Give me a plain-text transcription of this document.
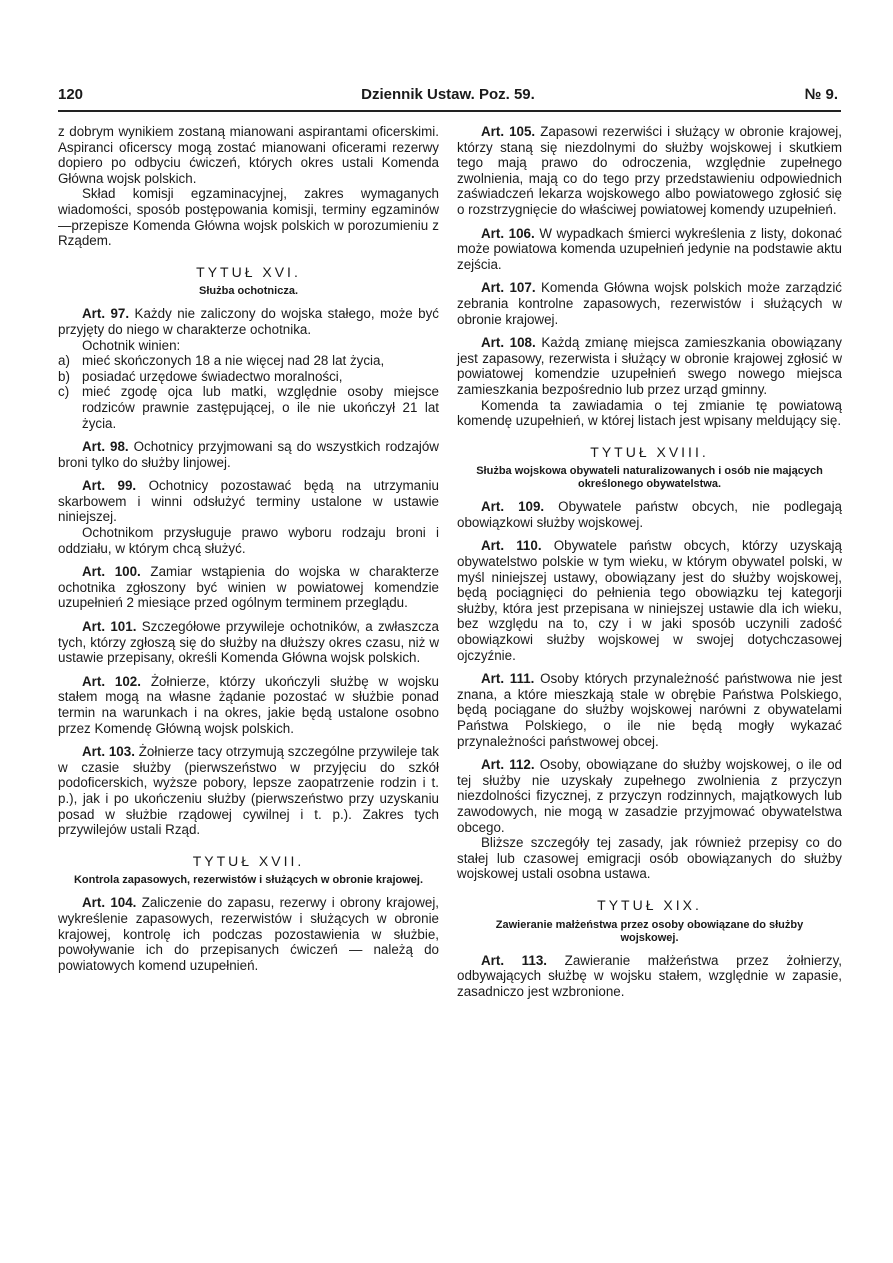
120	Dziennik Ustaw. Poz. 59.	№ 9.

z dobrym wynikiem zostaną mianowani aspirantami oficerskimi. Aspiranci oficerscy mogą zostać mianowani oficerami rezerwy dopiero po odbyciu ćwiczeń, których okres ustali Komenda Główna wojsk polskich.

Skład komisji egzaminacyjnej, zakres wymaganych wiadomości, sposób postępowania komisji, terminy egzaminów—przepisze Komenda Główna wojsk polskich w porozumieniu z Rządem.

TYTUŁ XVI.
Służba ochotnicza.

Art. 97. Każdy nie zaliczony do wojska stałego, może być przyjęty do niego w charakterze ochotnika.

Ochotnik winien:

a) mieć skończonych 18 a nie więcej nad 28 lat życia,
b) posiadać urzędowe świadectwo moralności,
c) mieć zgodę ojca lub matki, względnie osoby miejsce rodziców prawnie zastępującej, o ile nie ukończył 21 lat życia.

Art. 98. Ochotnicy przyjmowani są do wszystkich rodzajów broni tylko do służby linjowej.

Art. 99. Ochotnicy pozostawać będą na utrzymaniu skarbowem i winni odsłużyć terminy ustalone w ustawie niniejszej.

Ochotnikom przysługuje prawo wyboru rodzaju broni i oddziału, w którym chcą służyć.

Art. 100. Zamiar wstąpienia do wojska w charakterze ochotnika zgłoszony być winien w powiatowej komendzie uzupełnień 2 miesiące przed ogólnym terminem przeglądu.

Art. 101. Szczegółowe przywileje ochotników, a zwłaszcza tych, którzy zgłoszą się do służby na dłuższy okres czasu, niż w ustawie przepisany, określi Komenda Główna wojsk polskich.

Art. 102. Żołnierze, którzy ukończyli służbę w wojsku stałem mogą na własne żądanie pozostać w służbie ponad termin na warunkach i na okres, jakie będą ustalone osobno przez Komendę Główną wojsk polskich.

Art. 103. Żołnierze tacy otrzymują szczególne przywileje tak w czasie służby (pierwszeństwo w przyjęciu do szkół podoficerskich, wyższe pobory, lepsze zaopatrzenie rodzin i t. p.), jak i po ukończeniu służby (pierwszeństwo przy uzyskaniu posad w służbie rządowej cywilnej i t. p.). Zakres tych przywilejów ustali Rząd.

TYTUŁ XVII.
Kontrola zapasowych, rezerwistów i służących w obronie krajowej.

Art. 104. Zaliczenie do zapasu, rezerwy i obrony krajowej, wykreślenie zapasowych, rezerwistów i służących w obronie krajowej, kontrolę ich podczas pozostawienia w służbie, powoływanie ich do przepisanych ćwiczeń — należą do powiatowych komend uzupełnień.

Art. 105. Zapasowi rezerwiści i służący w obronie krajowej, którzy staną się niezdolnymi do służby wojskowej i skutkiem tego mają prawo do odroczenia, względnie zupełnego zwolnienia, mają co do tego przy przedstawieniu odpowiednich zaświadczeń lekarza wojskowego albo powiatowego zgłosić się o rozstrzygnięcie do właściwej powiatowej komendy uzupełnień.

Art. 106. W wypadkach śmierci wykreślenia z listy, dokonać może powiatowa komenda uzupełnień jedynie na podstawie aktu zejścia.

Art. 107. Komenda Główna wojsk polskich może zarządzić zebrania kontrolne zapasowych, rezerwistów i służących w obronie krajowej.

Art. 108. Każdą zmianę miejsca zamieszkania obowiązany jest zapasowy, rezerwista i służący w obronie krajowej zgłosić w powiatowej komendzie uzupełnień swego nowego miejsca zamieszkania bezpośrednio lub przez urząd gminny.

Komenda ta zawiadamia o tej zmianie tę powiatową komendę uzupełnień, w której listach jest wpisany meldujący się.

TYTUŁ XVIII.
Służba wojskowa obywateli naturalizowanych i osób nie mających określonego obywatelstwa.

Art. 109. Obywatele państw obcych, nie podlegają obowiązkowi służby wojskowej.

Art. 110. Obywatele państw obcych, którzy uzyskają obywatelstwo polskie w tym wieku, w którym obywatel polski, w myśl niniejszej ustawy, obowiązany jest do służby wojskowej, będą pociągnięci do pełnienia tego obowiązku tej kategorji służby, która jest przepisana w niniejszej ustawie dla ich wieku, bez względu na to, czy i w jaki sposób uczynili zadość obowiązkowi służby wojskowej w swojej dotychczasowej ojczyźnie.

Art. 111. Osoby których przynależność państwowa nie jest znana, a które mieszkają stale w obrębie Państwa Polskiego, będą pociągane do służby wojskowej narówni z obywatelami Państwa Polskiego, o ile nie będą mogły wykazać przynależności państwowej obcej.

Art. 112. Osoby, obowiązane do służby wojskowej, o ile od tej służby nie uzyskały zupełnego zwolnienia z przyczyn niezdolności fizycznej, z przyczyn rodzinnych, majątkowych lub zawodowych, nie mogą w zasadzie przyjmować obywatelstwa obcego.

Bliższe szczegóły tej zasady, jak również przepisy co do stałej lub czasowej emigracji osób obowiązanych do służby wojskowej ustali osobna ustawa.

TYTUŁ XIX.
Zawieranie małżeństwa przez osoby obowiązane do służby wojskowej.

Art. 113. Zawieranie małżeństwa przez żołnierzy, odbywających służbę w wojsku stałem, względnie w zapasie, zasadniczo jest wzbronione.
